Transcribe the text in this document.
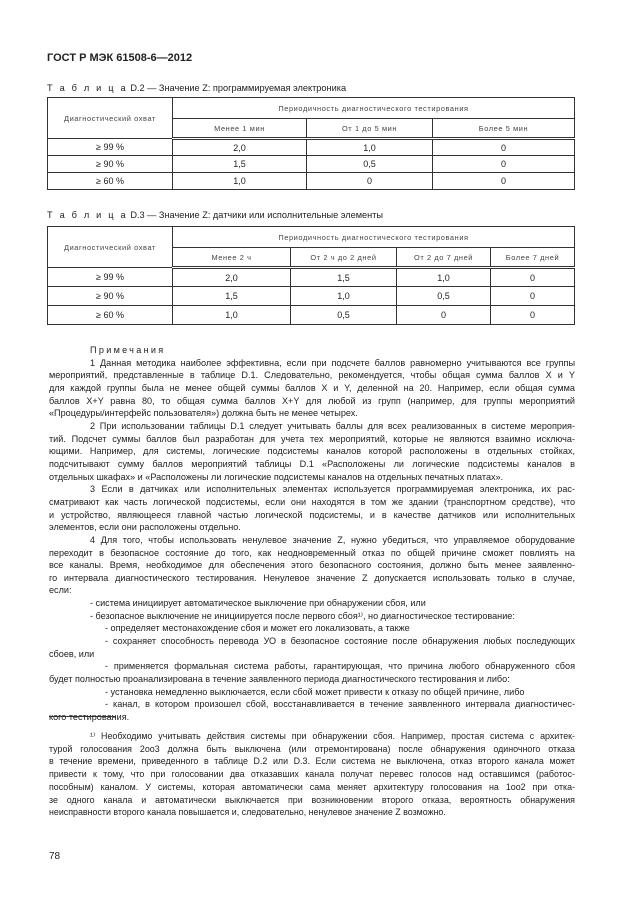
ГОСТ Р МЭК 61508-6—2012
Т а б л и ц а D.2 — Значение Z: программируемая электроника
Диагностический охват	Периодичность диагностического тестирования		
	Менее 1 мин	От 1 до 5 мин	Более 5 мин
≥ 99 %	2,0	1,0	0
≥ 90 %	1,5	0,5	0
≥ 60 %	1,0	0	0
Т а б л и ц а D.3 — Значение Z: датчики или исполнительные элементы
Диагностический охват	Периодичность диагностического тестирования			
	Менее 2 ч	От 2 ч до 2 дней	От 2 до 7 дней	Более 7 дней
≥ 99 %	2,0	1,5	1,0	0
≥ 90 %	1,5	1,0	0,5	0
≥ 60 %	1,0	0,5	0	0
Примечания
1 Данная методика наиболее эффективна, если при подсчете баллов равномерно учитываются все группы
мероприятий, представленные в таблице D.1. Следовательно, рекомендуется, чтобы общая сумма баллов X и Y
для каждой группы была не менее общей суммы баллов X и Y, деленной на 20. Например, если общая сумма
баллов X+Y равна 80, то общая сумма баллов X+Y для любой из групп (например, для группы мероприятий
«Процедуры/интерфейс пользователя») должна быть не менее четырех.
2 При использовании таблицы D.1 следует учитывать баллы для всех реализованных в системе мероприя-
тий. Подсчет суммы баллов был разработан для учета тех мероприятий, которые не являются взаимно исключа-
ющими. Например, для системы, логические подсистемы каналов которой расположены в отдельных стойках,
подсчитывают сумму баллов мероприятий таблицы D.1 «Расположены ли логические подсистемы каналов в
отдельных шкафах» и «Расположены ли логические подсистемы каналов на отдельных печатных платах».
3 Если в датчиках или исполнительных элементах используется программируемая электроника, их рас-
сматривают как часть логической подсистемы, если они находятся в том же здании (транспортном средстве), что
и устройство, являющееся главной частью логической подсистемы, и в качестве датчиков или исполнительных
элементов, если они расположены отдельно.
4 Для того, чтобы использовать ненулевое значение Z, нужно убедиться, что управляемое оборудование
переходит в безопасное состояние до того, как неодновременный отказ по общей причине сможет повлиять на
все каналы. Время, необходимое для обеспечения этого безопасного состояния, должно быть менее заявленно-
го интервала диагностического тестирования. Ненулевое значение Z допускается использовать только в случае,
если:
- система инициирует автоматическое выключение при обнаружении сбоя, или
- безопасное выключение не инициируется после первого сбоя¹⁾, но диагностическое тестирование:
- определяет местонахождение сбоя и может его локализовать, а также
- сохраняет способность перевода УО в безопасное состояние после обнаружения любых последующих
сбоев, или
- применяется формальная система работы, гарантирующая, что причина любого обнаруженного сбоя
будет полностью проанализирована в течение заявленного периода диагностического тестирования и либо:
- установка немедленно выключается, если сбой может привести к отказу по общей причине, либо
- канал, в котором произошел сбой, восстанавливается в течение заявленного интервала диагностичес-
кого тестирования.
¹⁾ Необходимо учитывать действия системы при обнаружении сбоя. Например, простая система с архитек-
турой голосования 2oo3 должна быть выключена (или отремонтирована) после обнаружения одиночного отказа
в течение времени, приведенного в таблице D.2 или D.3. Если система не выключена, отказ второго канала может
привести к тому, что при голосовании два отказавших канала получат перевес голосов над оставшимся (работос-
пособным) каналом. У системы, которая автоматически сама меняет архитектуру голосования на 1oo2 при отка-
зе одного канала и автоматически выключается при возникновении второго отказа, вероятность обнаружения
неисправности второго канала повышается и, следовательно, ненулевое значение Z возможно.
78
